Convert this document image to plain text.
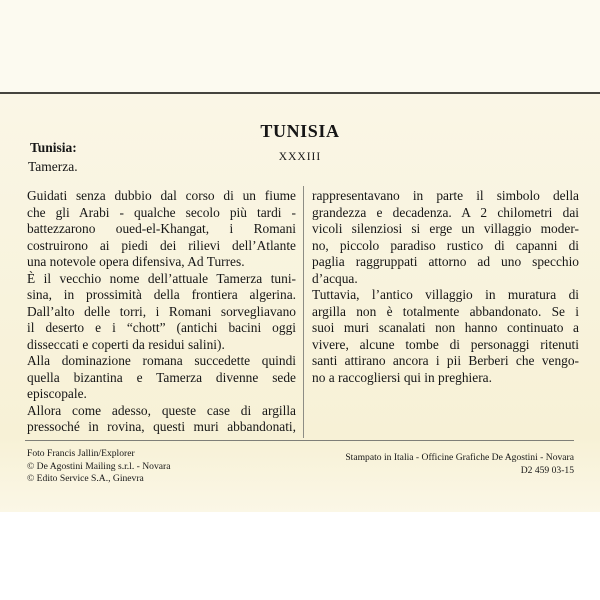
TUNISIA
XXXIII
Tunisia:
Tamerza.
Guidati senza dubbio dal corso di un fiume
che gli Arabi - qualche secolo più tardi -
battezzarono oued-el-Khangat, i Romani
costruirono ai piedi dei rilievi dell’Atlante
una notevole opera difensiva, Ad Turres.
È il vecchio nome dell’attuale Tamerza tuni-
sina, in prossimità della frontiera algerina.
Dall’alto delle torri, i Romani sorvegliavano
il deserto e i “chott” (antichi bacini oggi
disseccati e coperti da residui salini).
Alla dominazione romana succedette quindi
quella bizantina e Tamerza divenne sede
episcopale.
Allora come adesso, queste case di argilla
pressoché in rovina, questi muri abbandonati,
rappresentavano in parte il simbolo della
grandezza e decadenza. A 2 chilometri dai
vicoli silenziosi si erge un villaggio moder-
no, piccolo paradiso rustico di capanni di
paglia raggruppati attorno ad uno specchio
d’acqua.
Tuttavia, l’antico villaggio in muratura di
argilla non è totalmente abbandonato. Se i
suoi muri scanalati non hanno continuato a
vivere, alcune tombe di personaggi ritenuti
santi attirano ancora i pii Berberi che vengo-
no a raccogliersi qui in preghiera.
Foto Francis Jallin/Explorer
© De Agostini Mailing s.r.l. - Novara
© Edito Service S.A., Ginevra
Stampato in Italia - Officine Grafiche De Agostini - Novara
D2 459 03-15
